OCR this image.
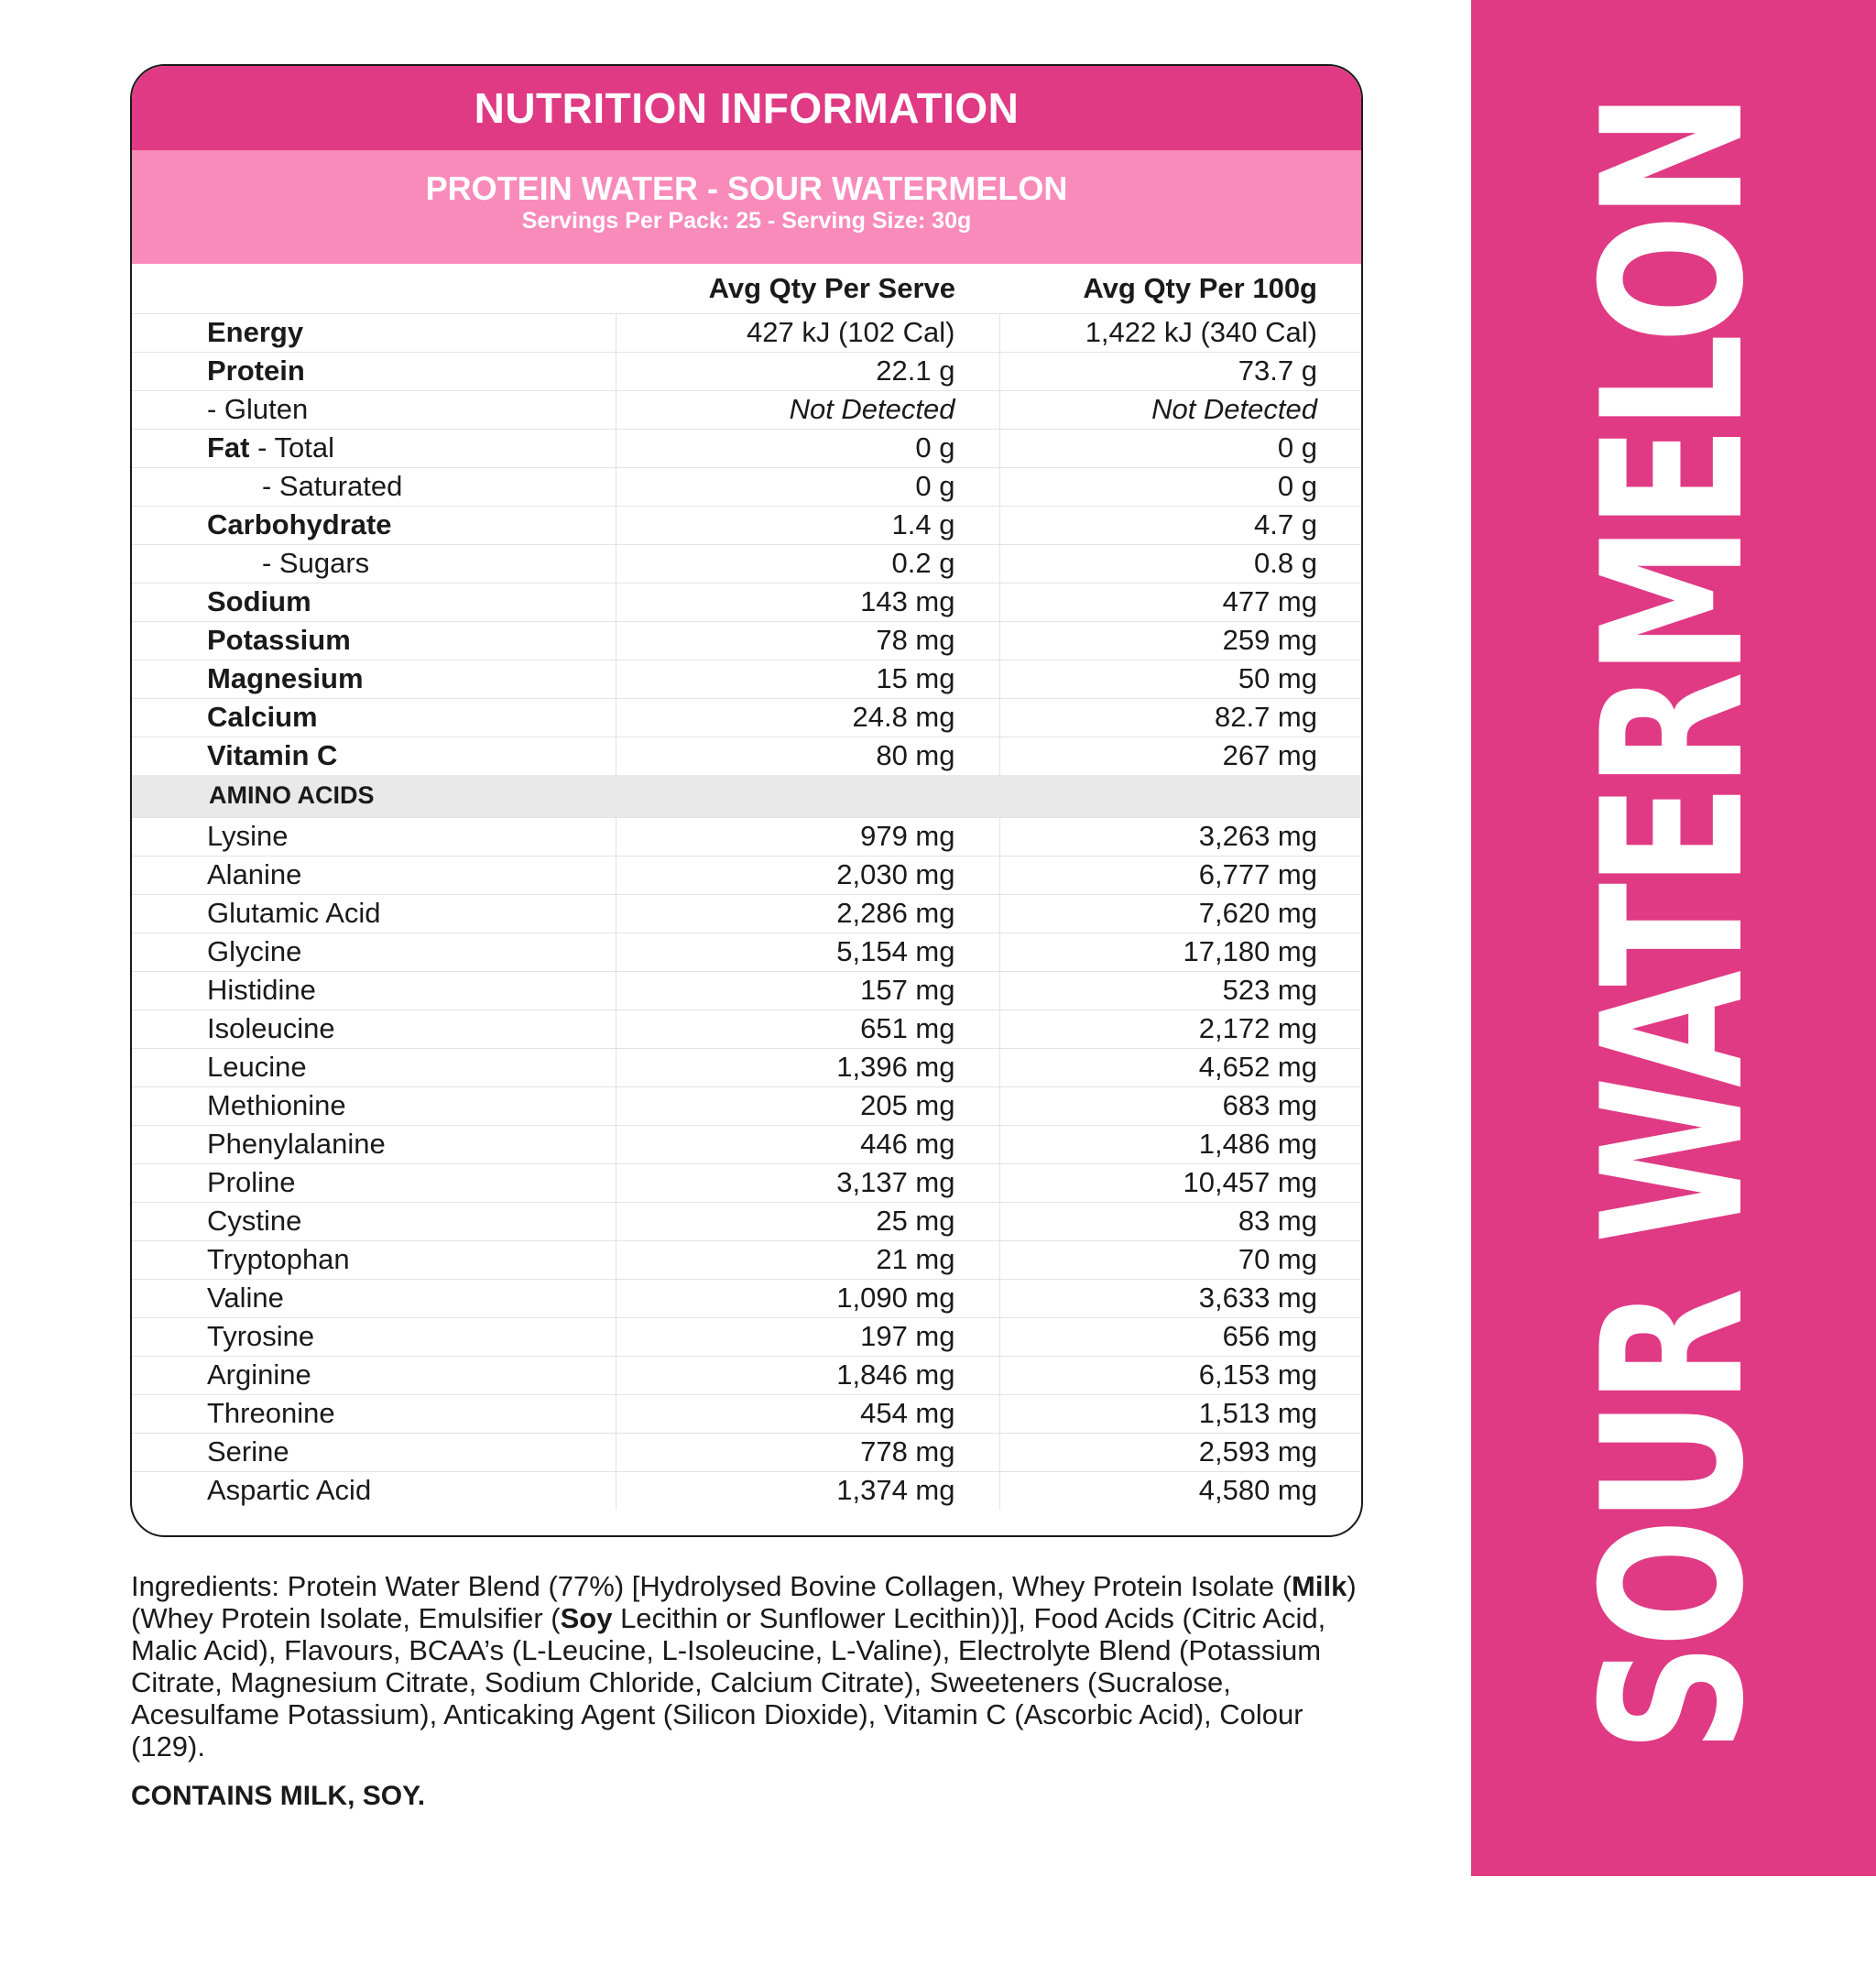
SOUR WATERMELON
NUTRITION INFORMATION
PROTEIN WATER - SOUR WATERMELON
Servings Per Pack: 25 - Serving Size: 30g
	Avg Qty Per Serve	Avg Qty Per 100g
Energy	427 kJ (102 Cal)	1,422 kJ (340 Cal)
Protein	22.1 g	73.7 g
- Gluten	Not Detected	Not Detected
Fat - Total	0 g	0 g
- Saturated	0 g	0 g
Carbohydrate	1.4 g	4.7 g
- Sugars	0.2 g	0.8 g
Sodium	143 mg	477 mg
Potassium	78 mg	259 mg
Magnesium	15 mg	50 mg
Calcium	24.8 mg	82.7 mg
Vitamin C	80 mg	267 mg
AMINO ACIDS		
Lysine	979 mg	3,263 mg
Alanine	2,030 mg	6,777 mg
Glutamic Acid	2,286 mg	7,620 mg
Glycine	5,154 mg	17,180 mg
Histidine	157 mg	523 mg
Isoleucine	651 mg	2,172 mg
Leucine	1,396 mg	4,652 mg
Methionine	205 mg	683 mg
Phenylalanine	446 mg	1,486 mg
Proline	3,137 mg	10,457 mg
Cystine	25 mg	83 mg
Tryptophan	21 mg	70 mg
Valine	1,090 mg	3,633 mg
Tyrosine	197 mg	656 mg
Arginine	1,846 mg	6,153 mg
Threonine	454 mg	1,513 mg
Serine	778 mg	2,593 mg
Aspartic Acid	1,374 mg	4,580 mg
Ingredients: Protein Water Blend (77%) [Hydrolysed Bovine Collagen, Whey Protein Isolate (Milk) (Whey Protein Isolate, Emulsifier (Soy Lecithin or Sunflower Lecithin))], Food Acids (Citric Acid, Malic Acid), Flavours, BCAA’s (L-Leucine, L-Isoleucine, L-Valine), Electrolyte Blend (Potassium Citrate, Magnesium Citrate, Sodium Chloride, Calcium Citrate), Sweeteners (Sucralose, Acesulfame Potassium), Anticaking Agent (Silicon Dioxide), Vitamin C (Ascorbic Acid), Colour (129).
CONTAINS MILK, SOY.
